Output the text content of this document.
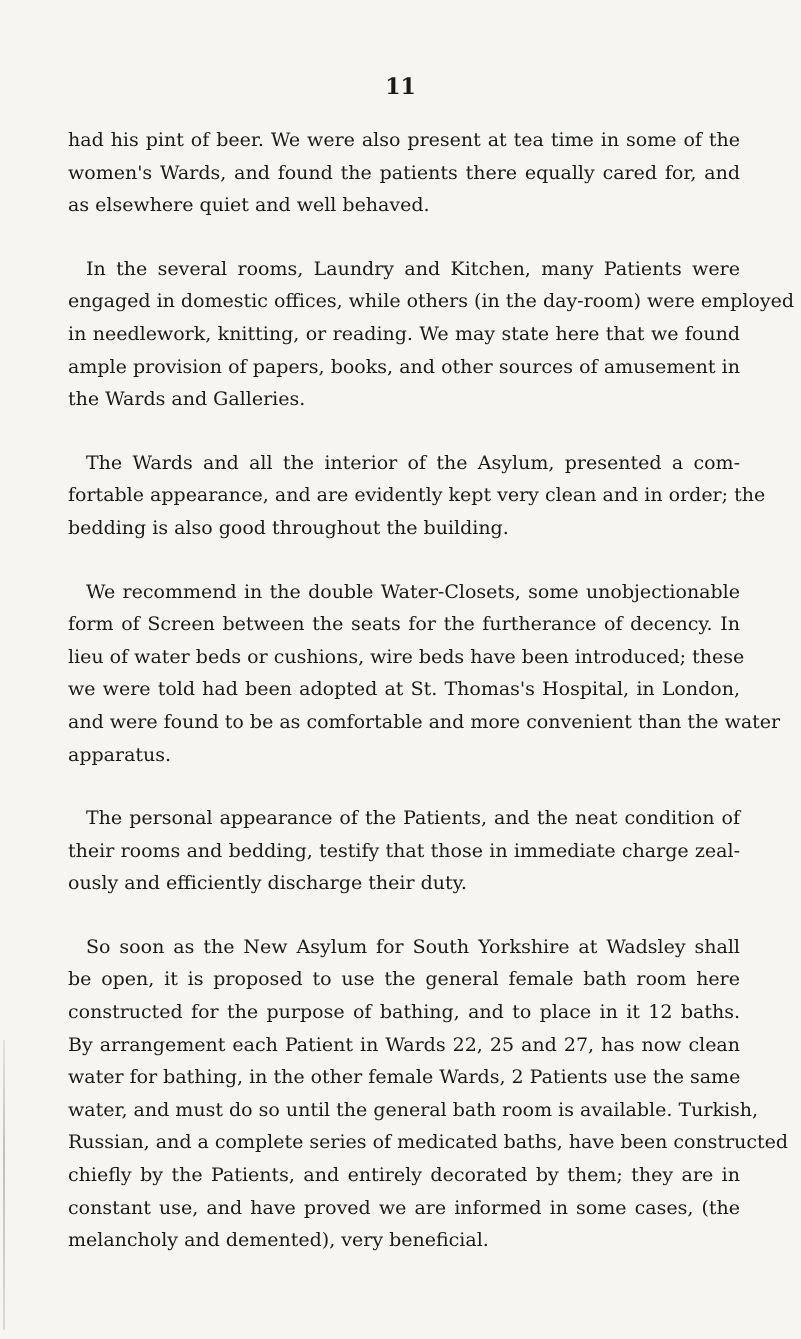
11

had his pint of beer. We were also present at tea time in some of the
women's Wards, and found the patients there equally cared for, and
as elsewhere quiet and well behaved.

In the several rooms, Laundry and Kitchen, many Patients were
engaged in domestic offices, while others (in the day-room) were employed
in needlework, knitting, or reading. We may state here that we found
ample provision of papers, books, and other sources of amusement in
the Wards and Galleries.

The Wards and all the interior of the Asylum, presented a com-
fortable appearance, and are evidently kept very clean and in order; the
bedding is also good throughout the building.

We recommend in the double Water-Closets, some unobjectionable
form of Screen between the seats for the furtherance of decency. In
lieu of water beds or cushions, wire beds have been introduced; these
we were told had been adopted at St. Thomas's Hospital, in London,
and were found to be as comfortable and more convenient than the water
apparatus.

The personal appearance of the Patients, and the neat condition of
their rooms and bedding, testify that those in immediate charge zeal-
ously and efficiently discharge their duty.

So soon as the New Asylum for South Yorkshire at Wadsley shall
be open, it is proposed to use the general female bath room here
constructed for the purpose of bathing, and to place in it 12 baths.
By arrangement each Patient in Wards 22, 25 and 27, has now clean
water for bathing, in the other female Wards, 2 Patients use the same
water, and must do so until the general bath room is available. Turkish,
Russian, and a complete series of medicated baths, have been constructed
chiefly by the Patients, and entirely decorated by them; they are in
constant use, and have proved we are informed in some cases, (the
melancholy and demented), very beneficial.
